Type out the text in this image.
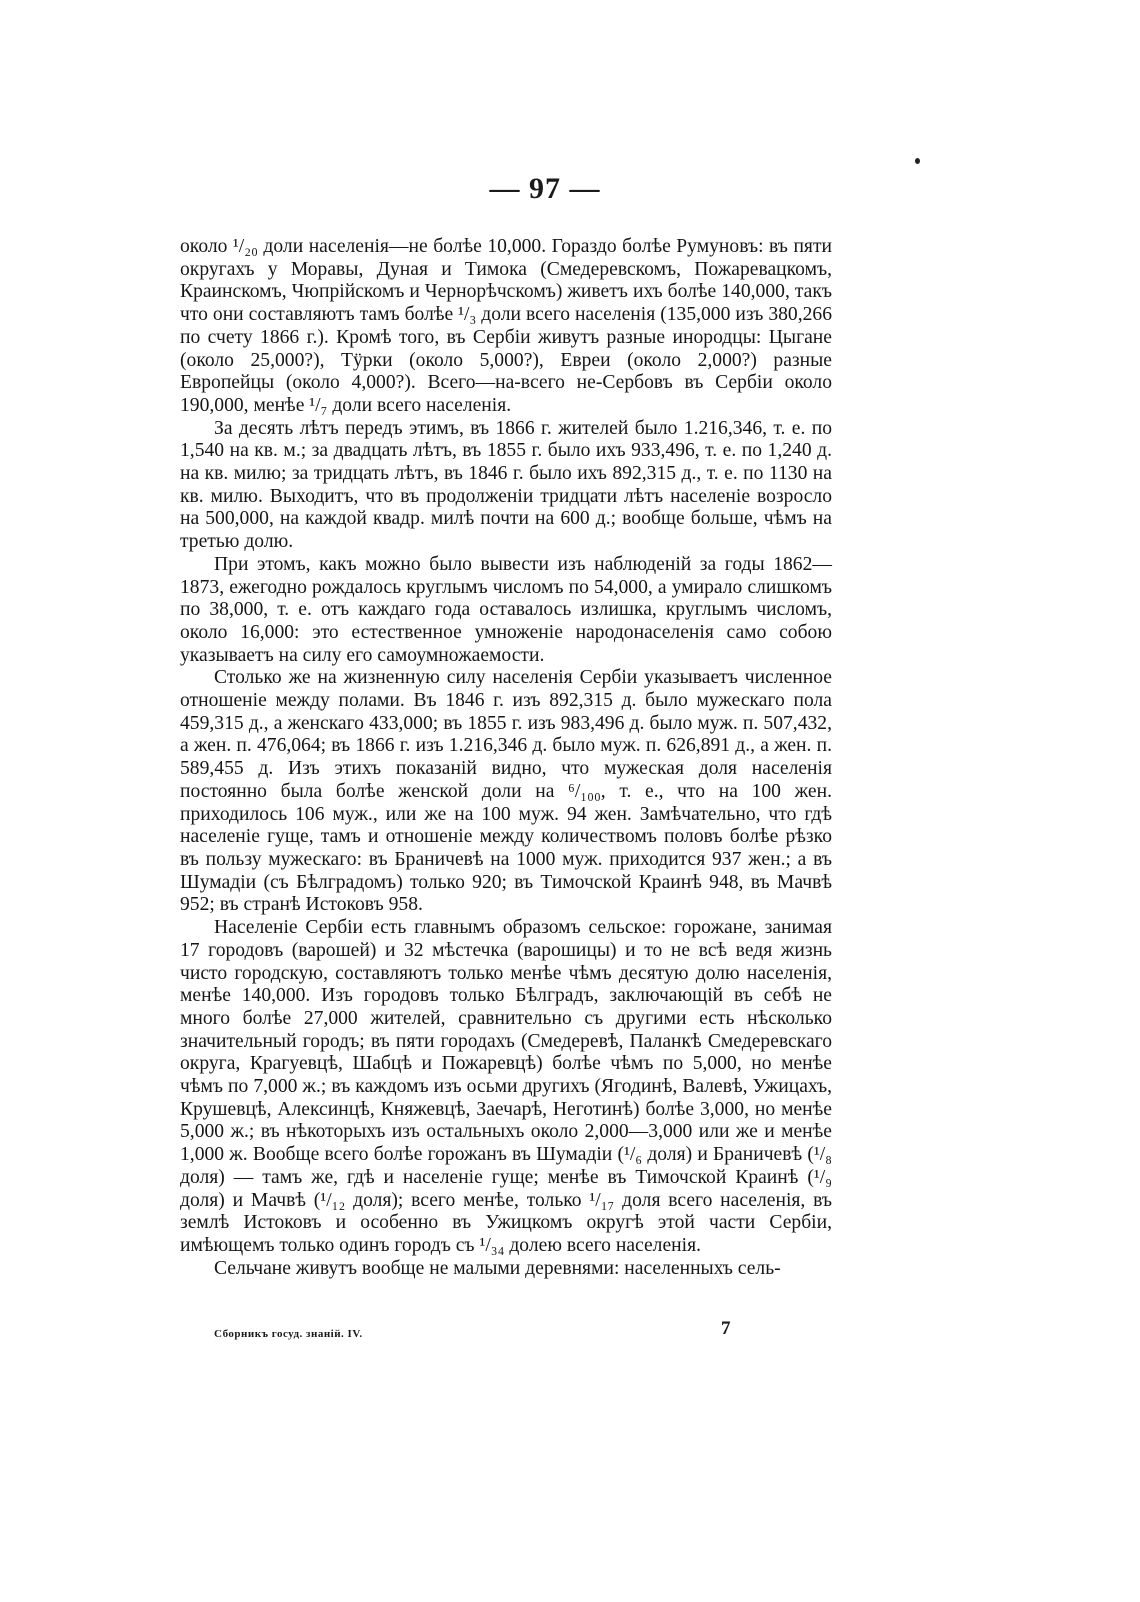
— 97 —

около ¹/₂₀ доли населенія—не болѣе 10,000. Гораздо болѣе Румуновъ: въ пяти округахъ у Моравы, Дуная и Тимока (Смедеревскомъ, Пожаревацкомъ, Краинскомъ, Чюпрійскомъ и Чернорѣчскомъ) живетъ ихъ болѣе 140,000, такъ что они составляютъ тамъ болѣе ¹/₃ доли всего населенія (135,000 изъ 380,266 по счету 1866 г.). Кромѣ того, въ Сербіи живутъ разные инородцы: Цыгане (около 25,000?), Тӱрки (около 5,000?), Евреи (около 2,000?) разные Европейцы (около 4,000?). Всего—на-всего не-Сербовъ въ Сербіи около 190,000, менѣе ¹/₇ доли всего населенія.

За десять лѣтъ передъ этимъ, въ 1866 г. жителей было 1.216,346, т. е. по 1,540 на кв. м.; за двадцать лѣтъ, въ 1855 г. было ихъ 933,496, т. е. по 1,240 д. на кв. милю; за тридцать лѣтъ, въ 1846 г. было ихъ 892,315 д., т. е. по 1130 на кв. милю. Выходитъ, что въ продолженіи тридцати лѣтъ населеніе возросло на 500,000, на каждой квадр. милѣ почти на 600 д.; вообще больше, чѣмъ на третью долю.

При этомъ, какъ можно было вывести изъ наблюденій за годы 1862—1873, ежегодно рождалось круглымъ числомъ по 54,000, а умирало слишкомъ по 38,000, т. е. отъ каждаго года оставалось излишка, круглымъ числомъ, около 16,000: это естественное умноженіе народонаселенія само собою указываетъ на силу его самоумножаемости.

Столько же на жизненную силу населенія Сербіи указываетъ численное отношеніе между полами. Въ 1846 г. изъ 892,315 д. было мужескаго пола 459,315 д., а женскаго 433,000; въ 1855 г. изъ 983,496 д. было муж. п. 507,432, а жен. п. 476,064; въ 1866 г. изъ 1.216,346 д. было муж. п. 626,891 д., а жен. п. 589,455 д. Изъ этихъ показаній видно, что мужеская доля населенія постоянно была болѣе женской доли на ⁶/₁₀₀, т. е., что на 100 жен. приходилось 106 муж., или же на 100 муж. 94 жен. Замѣчательно, что гдѣ населеніе гуще, тамъ и отношеніе между количествомъ половъ болѣе рѣзко въ пользу мужескаго: въ Браничевѣ на 1000 муж. приходится 937 жен.; а въ Шумадіи (съ Бѣлградомъ) только 920; въ Тимочской Краинѣ 948, въ Мачвѣ 952; въ странѣ Истоковъ 958.

Населеніе Сербіи есть главнымъ образомъ сельское: горожане, занимая 17 городовъ (варошей) и 32 мѣстечка (варошицы) и то не всѣ ведя жизнь чисто городскую, составляютъ только менѣе чѣмъ десятую долю населенія, менѣе 140,000. Изъ городовъ только Бѣлградъ, заключающій въ себѣ не много болѣе 27,000 жителей, сравнительно съ другими есть нѣсколько значительный городъ; въ пяти городахъ (Смедеревѣ, Паланкѣ Смедеревскаго округа, Крагуевцѣ, Шабцѣ и Пожаревцѣ) болѣе чѣмъ по 5,000, но менѣе чѣмъ по 7,000 ж.; въ каждомъ изъ осьми другихъ (Ягодинѣ, Валевѣ, Ужицахъ, Крушевцѣ, Алексинцѣ, Княжевцѣ, Заечарѣ, Неготинѣ) болѣе 3,000, но менѣе 5,000 ж.; въ нѣкоторыхъ изъ остальныхъ около 2,000—3,000 или же и менѣе 1,000 ж. Вообще всего болѣе горожанъ въ Шумадіи (¹/₆ доля) и Браничевѣ (¹/₈ доля) — тамъ же, гдѣ и населеніе гуще; менѣе въ Тимочской Краинѣ (¹/₉ доля) и Мачвѣ (¹/₁₂ доля); всего менѣе, только ¹/₁₇ доля всего населенія, въ землѣ Истоковъ и особенно въ Ужицкомъ округѣ этой части Сербіи, имѣющемъ только одинъ городъ съ ¹/₃₄ долею всего населенія.

Сельчане живутъ вообще не малыми деревнями: населенныхъ сель-

Сборникъ госуд. знаній. IV.	7
